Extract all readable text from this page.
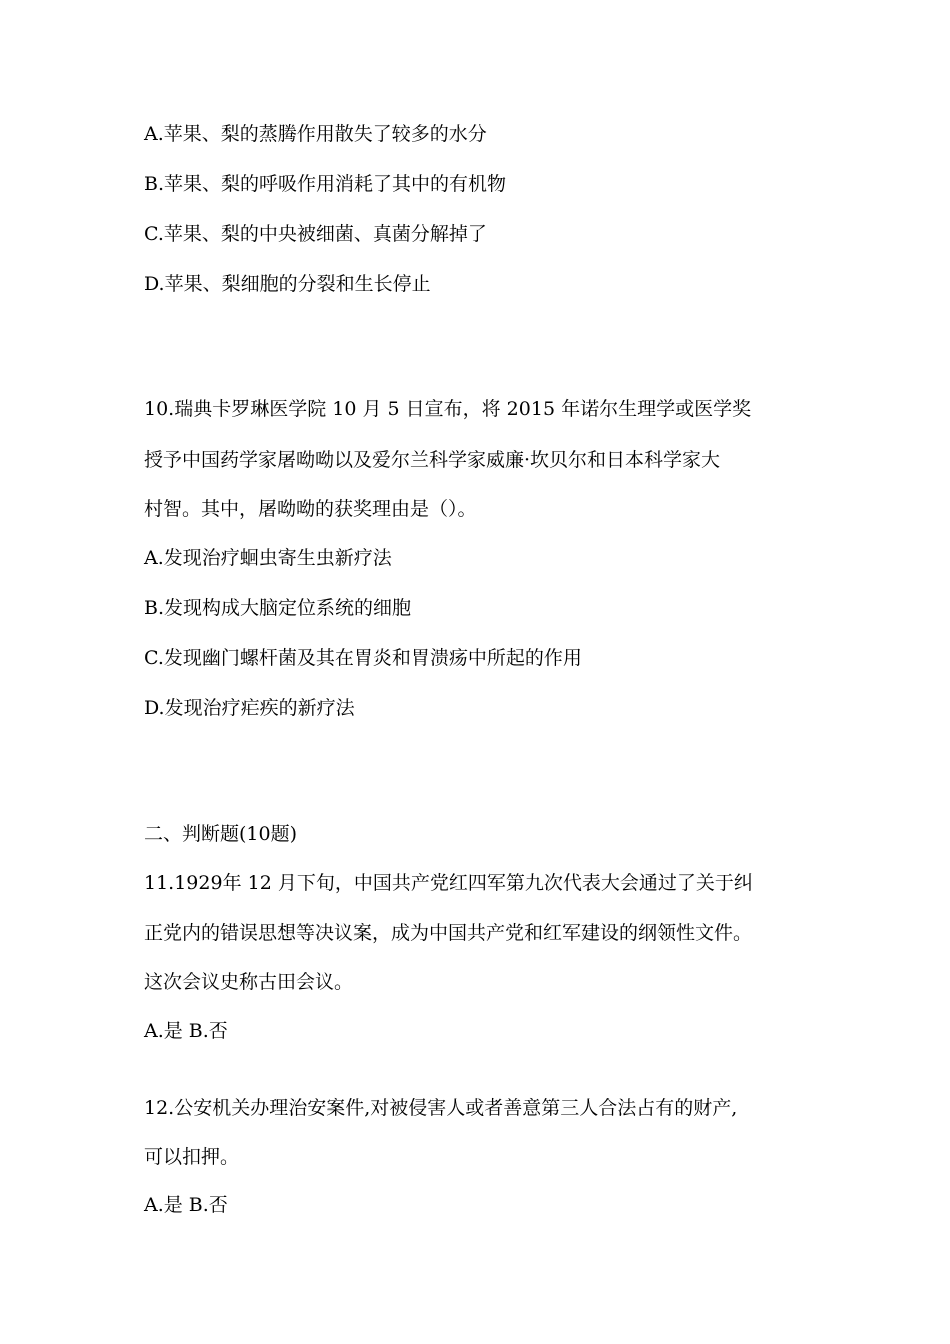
A.苹果、梨的蒸腾作用散失了较多的水分
B.苹果、梨的呼吸作用消耗了其中的有机物
C.苹果、梨的中央被细菌、真菌分解掉了
D.苹果、梨细胞的分裂和生长停止
10.瑞典卡罗琳医学院 10 月 5 日宣布，将 2015 年诺尔生理学或医学奖
授予中国药学家屠呦呦以及爱尔兰科学家威廉·坎贝尔和日本科学家大
村智。其中，屠呦呦的获奖理由是（）。
A.发现治疗蛔虫寄生虫新疗法
B.发现构成大脑定位系统的细胞
C.发现幽门螺杆菌及其在胃炎和胃溃疡中所起的作用
D.发现治疗疟疾的新疗法
二、判断题(10题)
11.1929年 12 月下旬，中国共产党红四军第九次代表大会通过了关于纠
正党内的错误思想等决议案，成为中国共产党和红军建设的纲领性文件。
这次会议史称古田会议。
A.是 B.否
12.公安机关办理治安案件,对被侵害人或者善意第三人合法占有的财产,
可以扣押。
A.是 B.否
